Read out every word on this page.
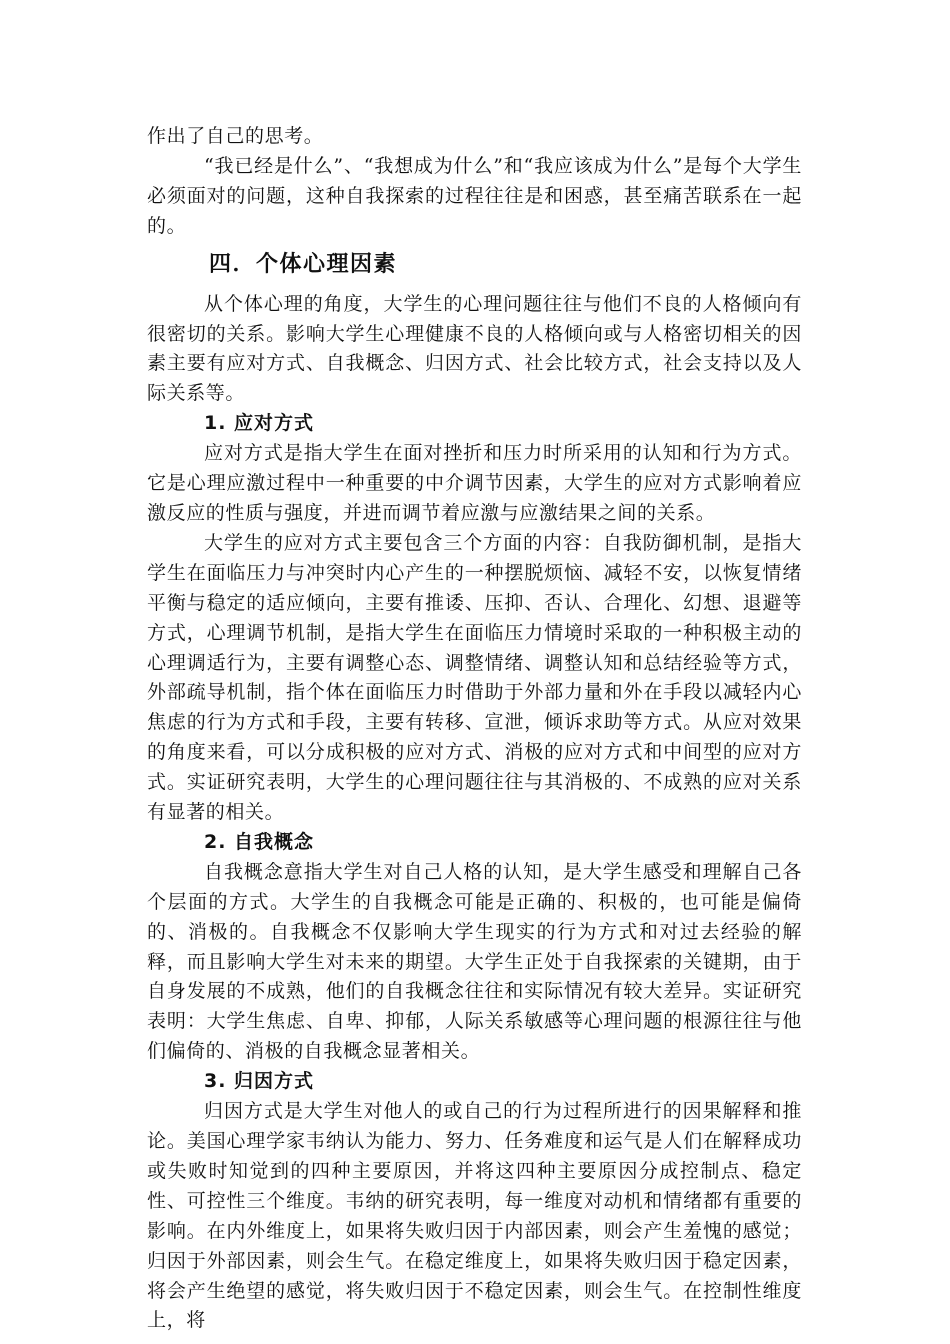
作出了自己的思考。

“我已经是什么”、“我想成为什么”和“我应该成为什么”是每个大学生必须面对的问题，这种自我探索的过程往往是和困惑，甚至痛苦联系在一起的。

四．个体心理因素

从个体心理的角度，大学生的心理问题往往与他们不良的人格倾向有很密切的关系。影响大学生心理健康不良的人格倾向或与人格密切相关的因素主要有应对方式、自我概念、归因方式、社会比较方式，社会支持以及人际关系等。

1. 应对方式

应对方式是指大学生在面对挫折和压力时所采用的认知和行为方式。它是心理应激过程中一种重要的中介调节因素，大学生的应对方式影响着应激反应的性质与强度，并进而调节着应激与应激结果之间的关系。

大学生的应对方式主要包含三个方面的内容：自我防御机制，是指大学生在面临压力与冲突时内心产生的一种摆脱烦恼、减轻不安，以恢复情绪平衡与稳定的适应倾向，主要有推诿、压抑、否认、合理化、幻想、退避等方式，心理调节机制，是指大学生在面临压力情境时采取的一种积极主动的心理调适行为，主要有调整心态、调整情绪、调整认知和总结经验等方式，外部疏导机制，指个体在面临压力时借助于外部力量和外在手段以减轻内心焦虑的行为方式和手段，主要有转移、宣泄，倾诉求助等方式。从应对效果的角度来看，可以分成积极的应对方式、消极的应对方式和中间型的应对方式。实证研究表明，大学生的心理问题往往与其消极的、不成熟的应对关系有显著的相关。

2. 自我概念

自我概念意指大学生对自己人格的认知，是大学生感受和理解自己各个层面的方式。大学生的自我概念可能是正确的、积极的，也可能是偏倚的、消极的。自我概念不仅影响大学生现实的行为方式和对过去经验的解释，而且影响大学生对未来的期望。大学生正处于自我探索的关键期，由于自身发展的不成熟，他们的自我概念往往和实际情况有较大差异。实证研究表明：大学生焦虑、自卑、抑郁，人际关系敏感等心理问题的根源往往与他们偏倚的、消极的自我概念显著相关。

3. 归因方式

归因方式是大学生对他人的或自己的行为过程所进行的因果解释和推论。美国心理学家韦纳认为能力、努力、任务难度和运气是人们在解释成功或失败时知觉到的四种主要原因，并将这四种主要原因分成控制点、稳定性、可控性三个维度。韦纳的研究表明，每一维度对动机和情绪都有重要的影响。在内外维度上，如果将失败归因于内部因素，则会产生羞愧的感觉；归因于外部因素，则会生气。在稳定维度上，如果将失败归因于稳定因素，将会产生绝望的感觉，将失败归因于不稳定因素，则会生气。在控制性维度上，将
